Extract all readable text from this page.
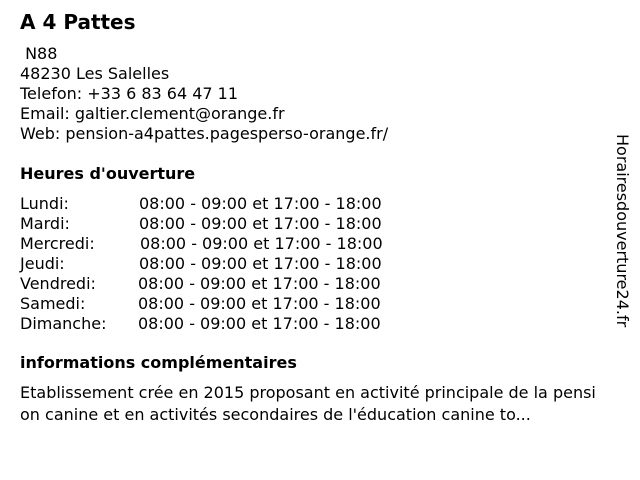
A 4 Pattes
N88
48230 Les Salelles
Telefon: +33 6 83 64 47 11
Email: galtier.clement@orange.fr
Web: pension-a4pattes.pagesperso-orange.fr/
Heures d'ouverture
Lundi:	08:00 - 09:00 et 17:00 - 18:00
Mardi:	08:00 - 09:00 et 17:00 - 18:00
Mercredi:	08:00 - 09:00 et 17:00 - 18:00
Jeudi:	08:00 - 09:00 et 17:00 - 18:00
Vendredi:	08:00 - 09:00 et 17:00 - 18:00
Samedi:	08:00 - 09:00 et 17:00 - 18:00
Dimanche: 08:00 - 09:00 et 17:00 - 18:00
informations complémentaires

Etablissement crée en 2015 proposant en activité principale de la pension canine et en activités secondaires de l'éducation canine to...

Horairesdouverture24.fr
